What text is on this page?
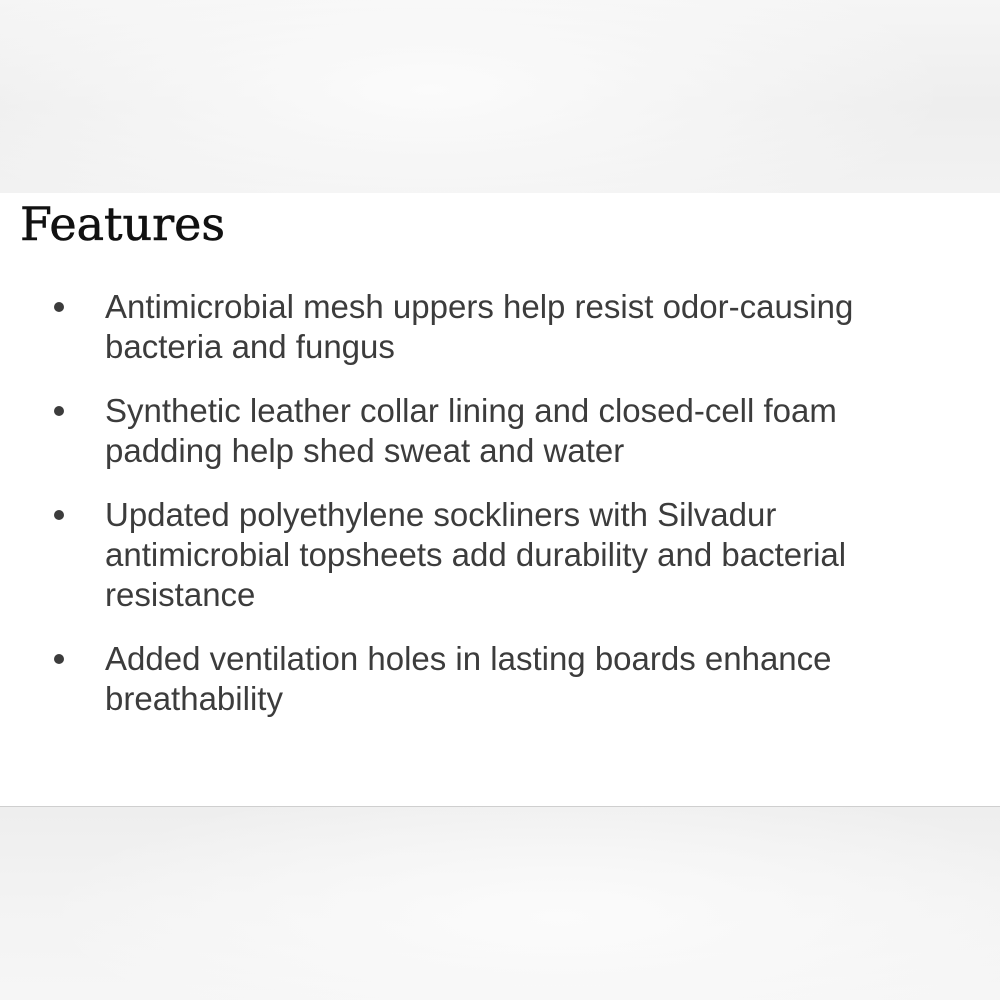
Features
Antimicrobial mesh uppers help resist odor-causing bacteria and fungus
Synthetic leather collar lining and closed-cell foam padding help shed sweat and water
Updated polyethylene sockliners with Silvadur antimicrobial topsheets add durability and bacterial resistance
Added ventilation holes in lasting boards enhance breathability
